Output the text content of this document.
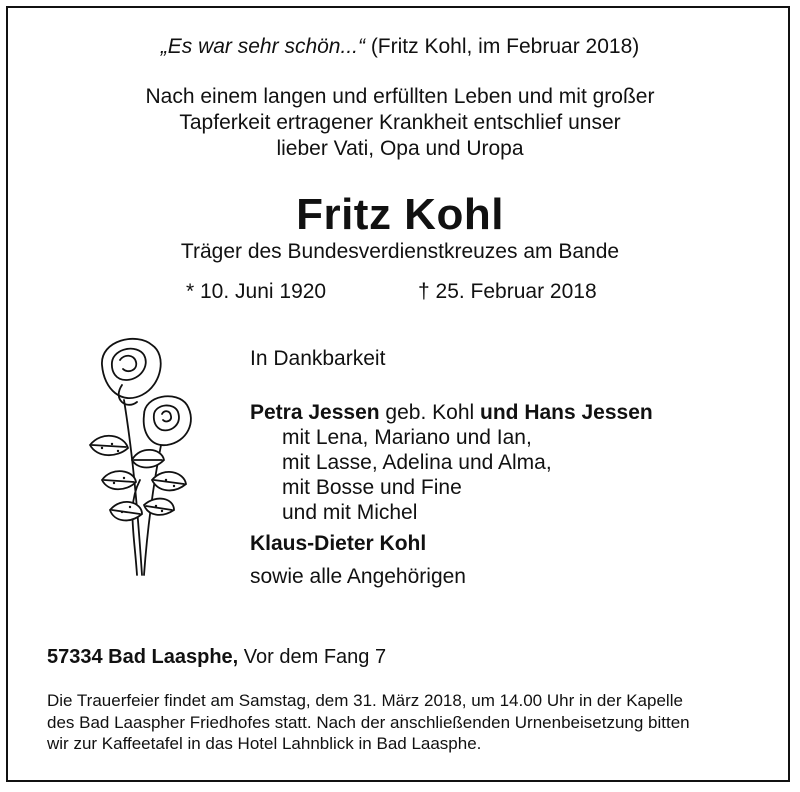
„Es war sehr schön...“ (Fritz Kohl, im Februar 2018)
Nach einem langen und erfüllten Leben und mit großer
Tapferkeit ertragener Krankheit entschlief unser
lieber Vati, Opa und Uropa
Fritz Kohl
Träger des Bundesverdienstkreuzes am Bande
* 10. Juni 1920	† 25. Februar 2018
In Dankbarkeit
Petra Jessen geb. Kohl und Hans Jessen
mit Lena, Mariano und Ian,
mit Lasse, Adelina und Alma,
mit Bosse und Fine
und mit Michel
Klaus-Dieter Kohl
sowie alle Angehörigen
57334 Bad Laasphe, Vor dem Fang 7
Die Trauerfeier findet am Samstag, dem 31. März 2018, um 14.00 Uhr in der Kapelle
des Bad Laaspher Friedhofes statt. Nach der anschließenden Urnenbeisetzung bitten
wir zur Kaffeetafel in das Hotel Lahnblick in Bad Laasphe.
